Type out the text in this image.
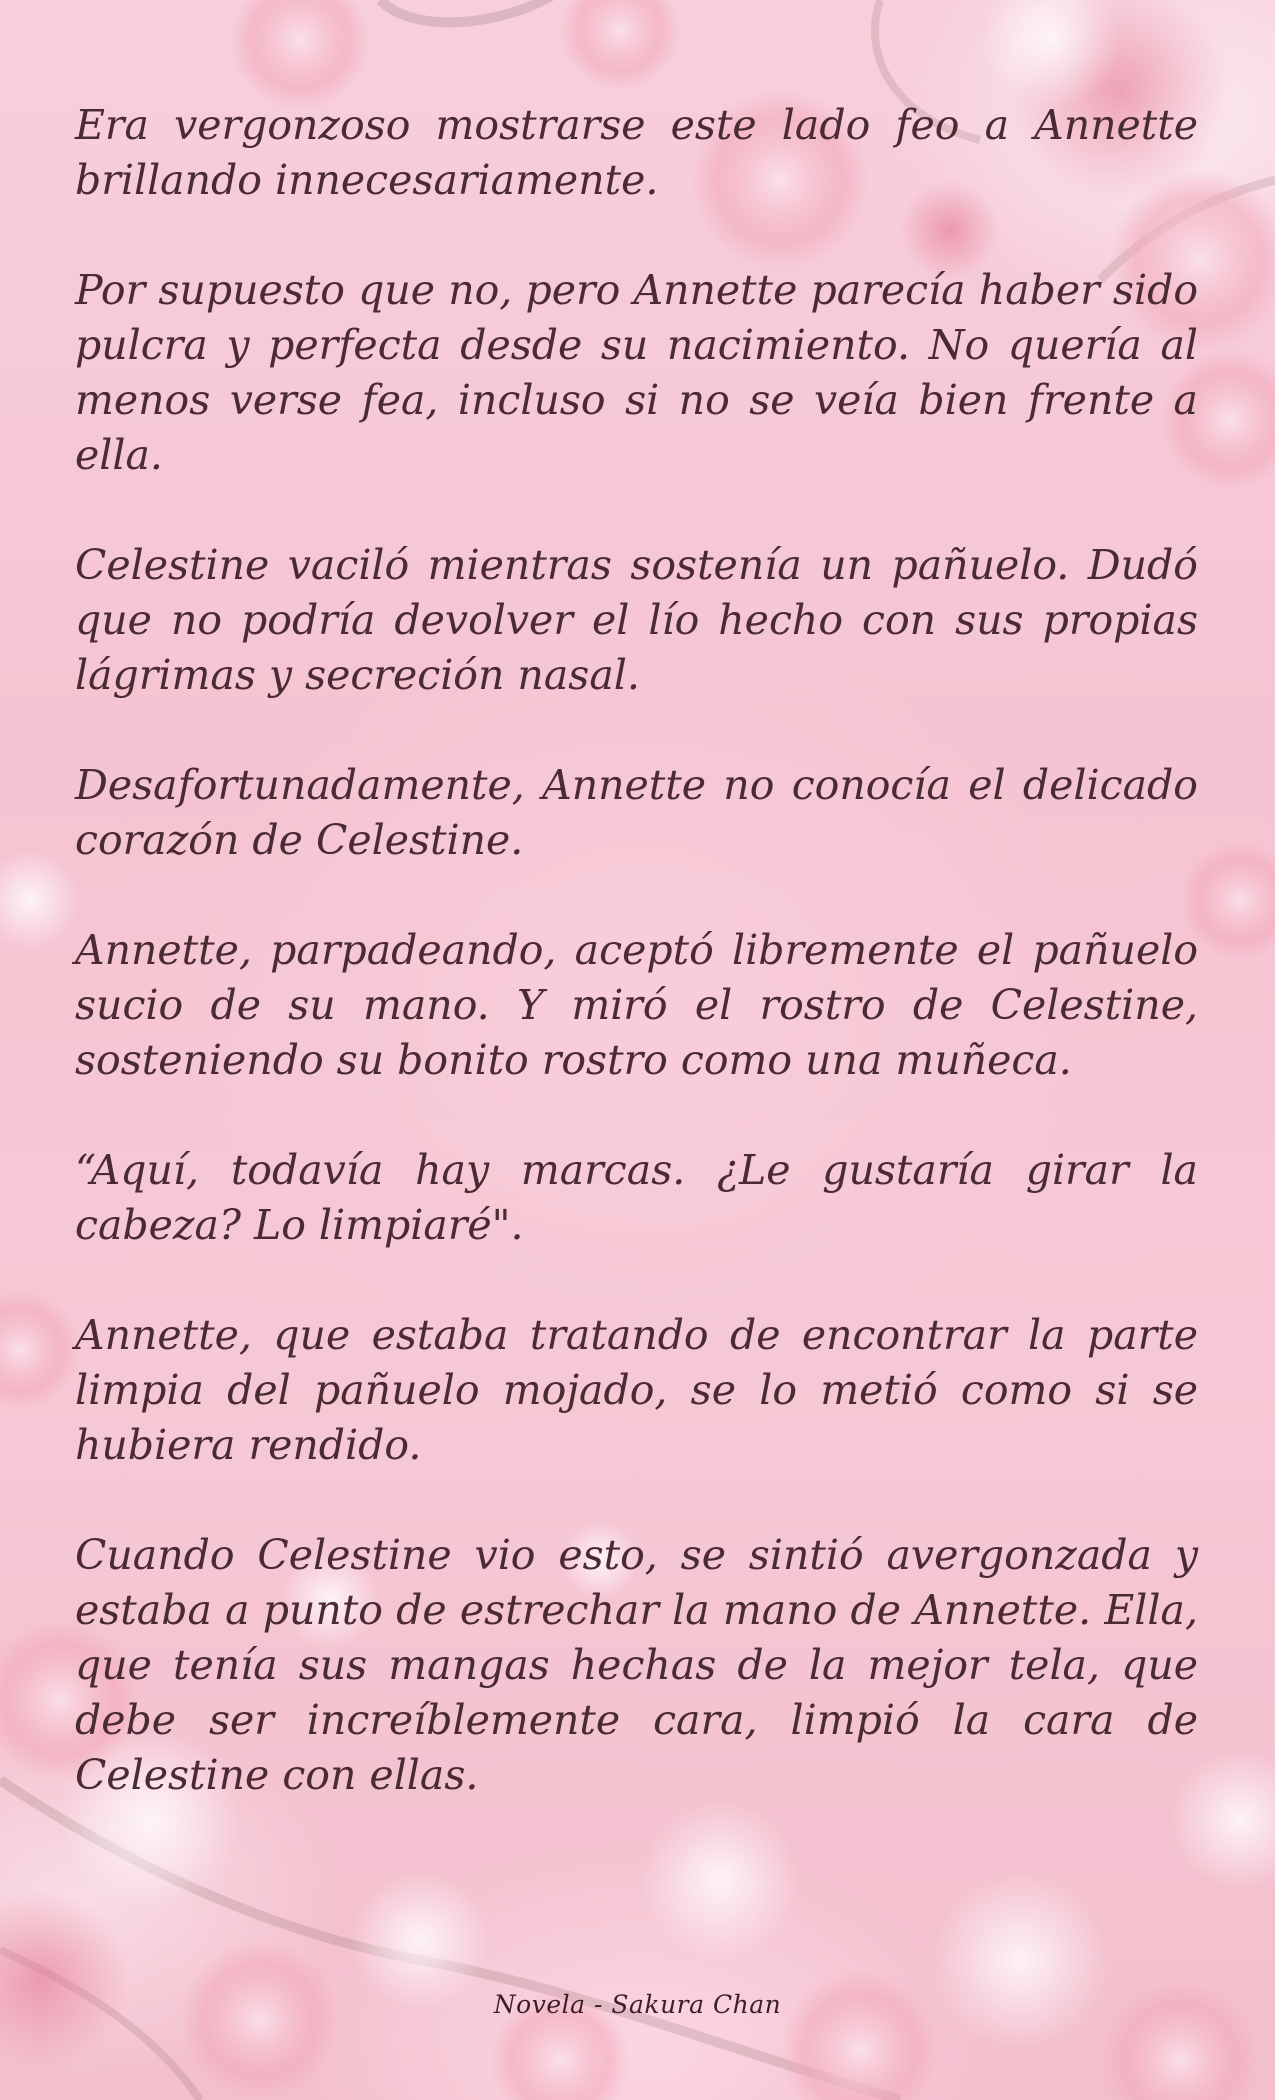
Era vergonzoso mostrarse este lado feo a Annette brillando innecesariamente.

Por supuesto que no, pero Annette parecía haber sido pulcra y perfecta desde su nacimiento. No quería al menos verse fea, incluso si no se veía bien frente a ella.

Celestine vaciló mientras sostenía un pañuelo. Dudó que no podría devolver el lío hecho con sus propias lágrimas y secreción nasal.

Desafortunadamente, Annette no conocía el delicado corazón de Celestine.

Annette, parpadeando, aceptó libremente el pañuelo sucio de su mano. Y miró el rostro de Celestine, sosteniendo su bonito rostro como una muñeca.

“Aquí, todavía hay marcas. ¿Le gustaría girar la cabeza? Lo limpiaré".

Annette, que estaba tratando de encontrar la parte limpia del pañuelo mojado, se lo metió como si se hubiera rendido.

Cuando Celestine vio esto, se sintió avergonzada y estaba a punto de estrechar la mano de Annette. Ella, que tenía sus mangas hechas de la mejor tela, que debe ser increíblemente cara, limpió la cara de Celestine con ellas.

Novela - Sakura Chan
